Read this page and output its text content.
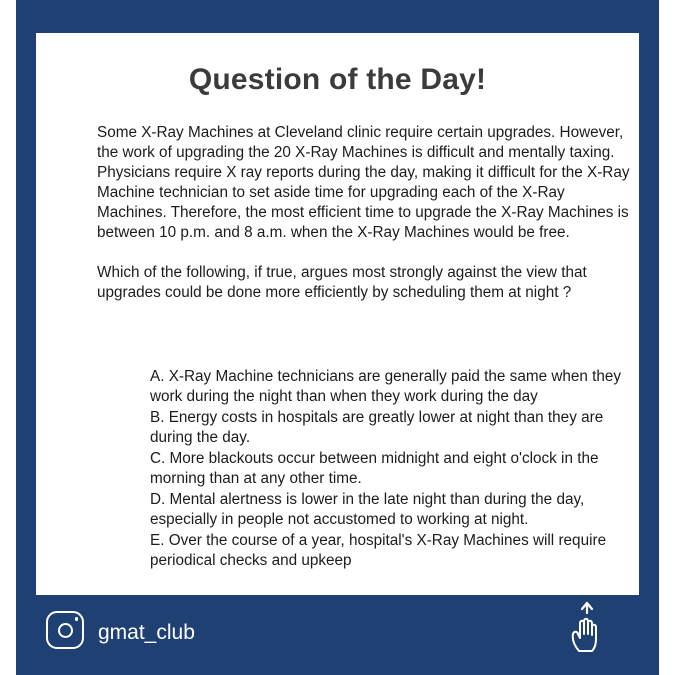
Question of the Day!

Some X-Ray Machines at Cleveland clinic require certain upgrades. However, the work of upgrading the 20 X-Ray Machines is difficult and mentally taxing. Physicians require X ray reports during the day, making it difficult for the X-Ray Machine technician to set aside time for upgrading each of the X-Ray Machines. Therefore, the most efficient time to upgrade the X-Ray Machines is between 10 p.m. and 8 a.m. when the X-Ray Machines would be free.

Which of the following, if true, argues most strongly against the view that upgrades could be done more efficiently by scheduling them at night ?

A. X-Ray Machine technicians are generally paid the same when they work during the night than when they work during the day

B. Energy costs in hospitals are greatly lower at night than they are during the day.

C. More blackouts occur between midnight and eight o'clock in the morning than at any other time.

D. Mental alertness is lower in the late night than during the day, especially in people not accustomed to working at night.

E. Over the course of a year, hospital's X-Ray Machines will require periodical checks and upkeep

gmat_club
